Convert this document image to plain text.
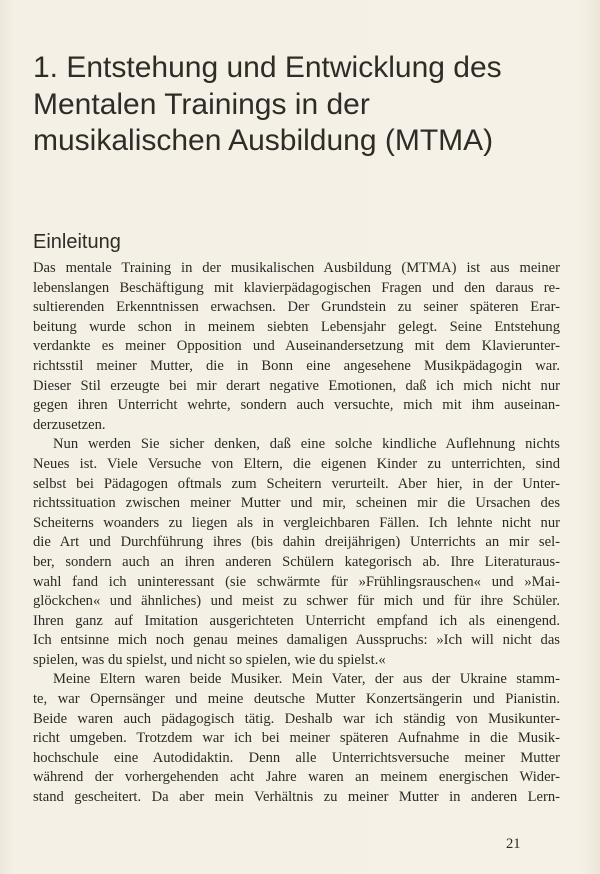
1. Entstehung und Entwicklung des
Mentalen Trainings in der
musikalischen Ausbildung (MTMA)
Einleitung
Das mentale Training in der musikalischen Ausbildung (MTMA) ist aus meiner
lebenslangen Beschäftigung mit klavierpädagogischen Fragen und den daraus re-
sultierenden Erkenntnissen erwachsen. Der Grundstein zu seiner späteren Erar-
beitung wurde schon in meinem siebten Lebensjahr gelegt. Seine Entstehung
verdankte es meiner Opposition und Auseinandersetzung mit dem Klavierunter-
richtsstil meiner Mutter, die in Bonn eine angesehene Musikpädagogin war.
Dieser Stil erzeugte bei mir derart negative Emotionen, daß ich mich nicht nur
gegen ihren Unterricht wehrte, sondern auch versuchte, mich mit ihm auseinan-
derzusetzen.
Nun werden Sie sicher denken, daß eine solche kindliche Auflehnung nichts
Neues ist. Viele Versuche von Eltern, die eigenen Kinder zu unterrichten, sind
selbst bei Pädagogen oftmals zum Scheitern verurteilt. Aber hier, in der Unter-
richtssituation zwischen meiner Mutter und mir, scheinen mir die Ursachen des
Scheiterns woanders zu liegen als in vergleichbaren Fällen. Ich lehnte nicht nur
die Art und Durchführung ihres (bis dahin dreijährigen) Unterrichts an mir sel-
ber, sondern auch an ihren anderen Schülern kategorisch ab. Ihre Literaturaus-
wahl fand ich uninteressant (sie schwärmte für »Frühlingsrauschen« und »Mai-
glöckchen« und ähnliches) und meist zu schwer für mich und für ihre Schüler.
Ihren ganz auf Imitation ausgerichteten Unterricht empfand ich als einengend.
Ich entsinne mich noch genau meines damaligen Ausspruchs: »Ich will nicht das
spielen, was du spielst, und nicht so spielen, wie du spielst.«
Meine Eltern waren beide Musiker. Mein Vater, der aus der Ukraine stamm-
te, war Opernsänger und meine deutsche Mutter Konzertsängerin und Pianistin.
Beide waren auch pädagogisch tätig. Deshalb war ich ständig von Musikunter-
richt umgeben. Trotzdem war ich bei meiner späteren Aufnahme in die Musik-
hochschule eine Autodidaktin. Denn alle Unterrichtsversuche meiner Mutter
während der vorhergehenden acht Jahre waren an meinem energischen Wider-
stand gescheitert. Da aber mein Verhältnis zu meiner Mutter in anderen Lern-
21
